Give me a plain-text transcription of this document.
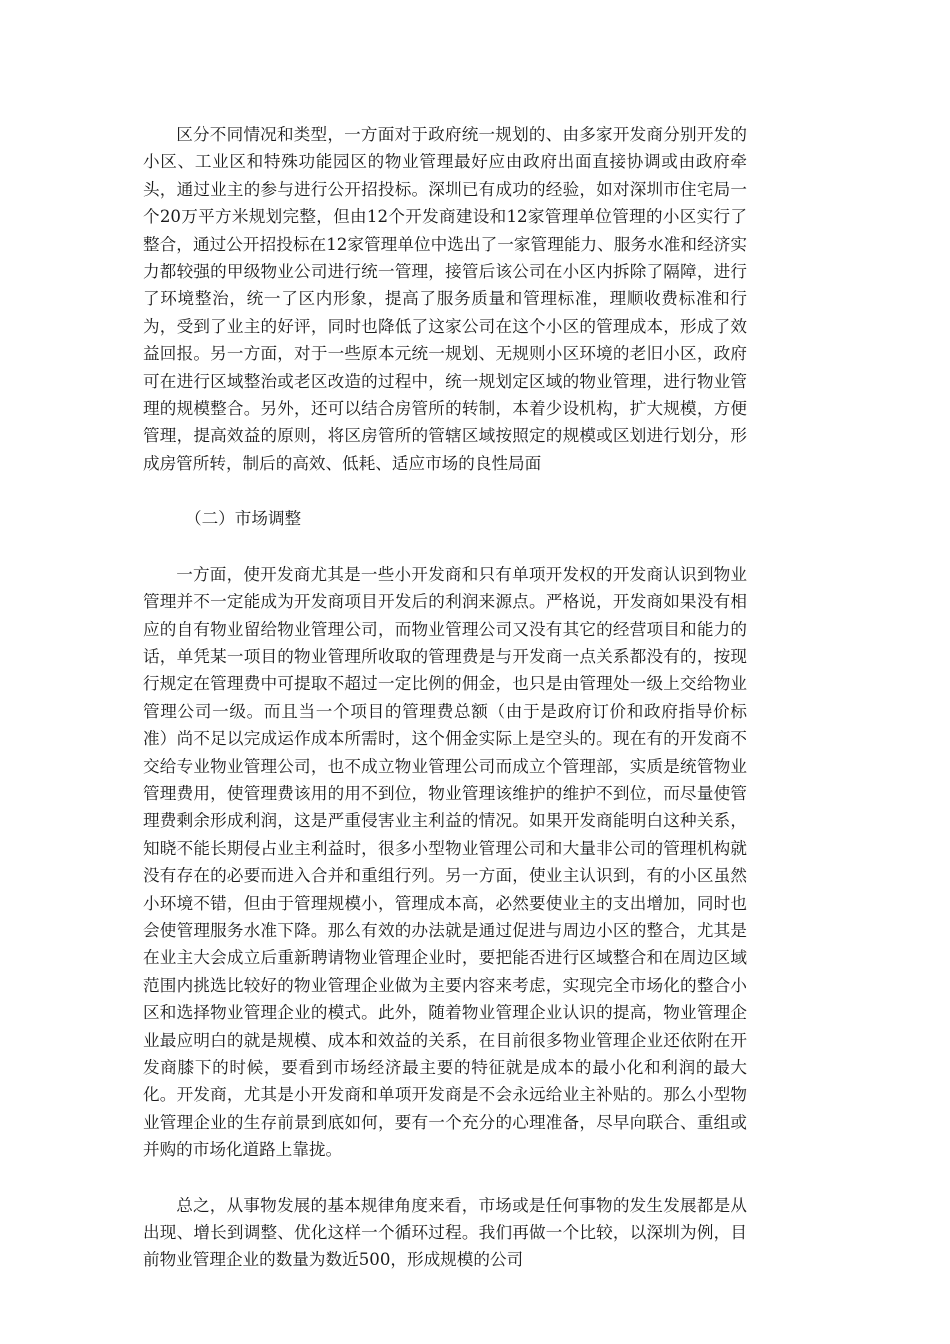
区分不同情况和类型，一方面对于政府统一规划的、由多家开发商分别开发的小区、工业区和特殊功能园区的物业管理最好应由政府出面直接协调或由政府牵头，通过业主的参与进行公开招投标。深圳已有成功的经验，如对深圳市住宅局一个20万平方米规划完整，但由12个开发商建设和12家管理单位管理的小区实行了整合，通过公开招投标在12家管理单位中选出了一家管理能力、服务水准和经济实力都较强的甲级物业公司进行统一管理，接管后该公司在小区内拆除了隔障，进行了环境整治，统一了区内形象，提高了服务质量和管理标准，理顺收费标准和行为，受到了业主的好评，同时也降低了这家公司在这个小区的管理成本，形成了效益回报。另一方面，对于一些原本元统一规划、无规则小区环境的老旧小区，政府可在进行区域整治或老区改造的过程中，统一规划定区域的物业管理，进行物业管理的规模整合。另外，还可以结合房管所的转制，本着少设机构，扩大规模，方便管理，提高效益的原则，将区房管所的管辖区域按照定的规模或区划进行划分，形成房管所转，制后的高效、低耗、适应市场的良性局面

（二）市场调整

一方面，使开发商尤其是一些小开发商和只有单项开发权的开发商认识到物业管理并不一定能成为开发商项目开发后的利润来源点。严格说，开发商如果没有相应的自有物业留给物业管理公司，而物业管理公司又没有其它的经营项目和能力的话，单凭某一项目的物业管理所收取的管理费是与开发商一点关系都没有的，按现行规定在管理费中可提取不超过一定比例的佣金，也只是由管理处一级上交给物业管理公司一级。而且当一个项目的管理费总额（由于是政府订价和政府指导价标准）尚不足以完成运作成本所需时，这个佣金实际上是空头的。现在有的开发商不交给专业物业管理公司，也不成立物业管理公司而成立个管理部，实质是统管物业管理费用，使管理费该用的用不到位，物业管理该维护的维护不到位，而尽量使管理费剩余形成利润，这是严重侵害业主利益的情况。如果开发商能明白这种关系，知晓不能长期侵占业主利益时，很多小型物业管理公司和大量非公司的管理机构就没有存在的必要而进入合并和重组行列。另一方面，使业主认识到，有的小区虽然小环境不错，但由于管理规模小，管理成本高，必然要使业主的支出增加，同时也会使管理服务水准下降。那么有效的办法就是通过促进与周边小区的整合，尤其是在业主大会成立后重新聘请物业管理企业时，要把能否进行区域整合和在周边区域范围内挑选比较好的物业管理企业做为主要内容来考虑，实现完全市场化的整合小区和选择物业管理企业的模式。此外，随着物业管理企业认识的提高，物业管理企业最应明白的就是规模、成本和效益的关系，在目前很多物业管理企业还依附在开发商膝下的时候，要看到市场经济最主要的特征就是成本的最小化和利润的最大化。开发商，尤其是小开发商和单项开发商是不会永远给业主补贴的。那么小型物业管理企业的生存前景到底如何，要有一个充分的心理准备，尽早向联合、重组或并购的市场化道路上靠拢。

总之，从事物发展的基本规律角度来看，市场或是任何事物的发生发展都是从出现、增长到调整、优化这样一个循环过程。我们再做一个比较，以深圳为例，目前物业管理企业的数量为数近500，形成规模的公司
